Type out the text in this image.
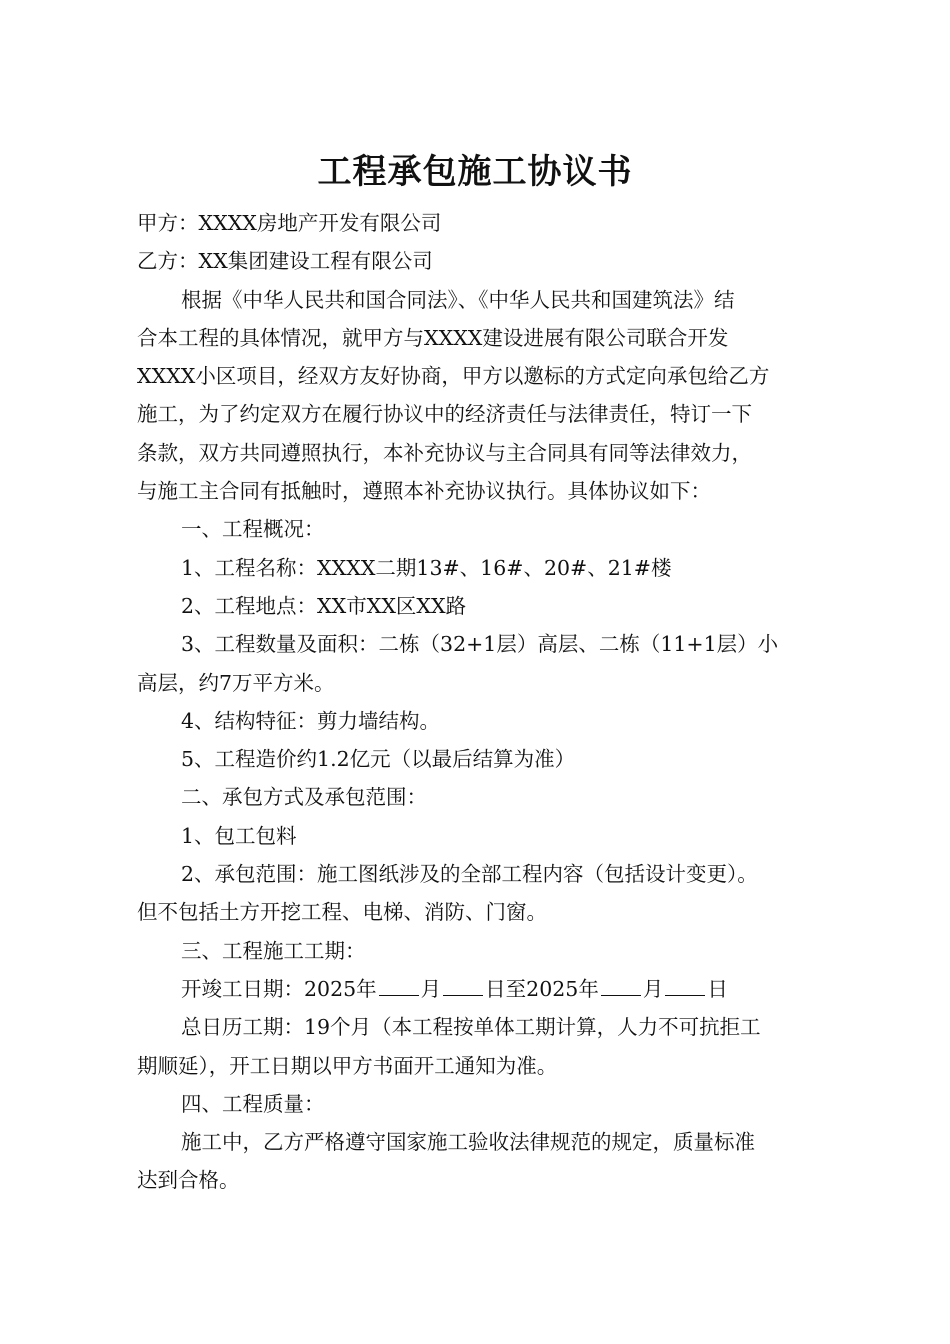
工程承包施工协议书
甲方：XXXX房地产开发有限公司
乙方：XX集团建设工程有限公司
根据《中华人民共和国合同法》、《中华人民共和国建筑法》结
合本工程的具体情况，就甲方与XXXX建设进展有限公司联合开发
XXXX小区项目，经双方友好协商，甲方以邀标的方式定向承包给乙方
施工，为了约定双方在履行协议中的经济责任与法律责任，特订一下
条款，双方共同遵照执行，本补充协议与主合同具有同等法律效力，
与施工主合同有抵触时，遵照本补充协议执行。具体协议如下：
一、工程概况：
1、工程名称：XXXX二期13#、16#、20#、21#楼
2、工程地点：XX市XX区XX路
3、工程数量及面积：二栋（32+1层）高层、二栋（11+1层）小
高层，约7万平方米。
4、结构特征：剪力墙结构。
5、工程造价约1.2亿元（以最后结算为准）
二、承包方式及承包范围：
1、包工包料
2、承包范围：施工图纸涉及的全部工程内容（包括设计变更）。
但不包括土方开挖工程、电梯、消防、门窗。
三、工程施工工期：
开竣工日期：2025年 月 日至2025年 月 日
总日历工期：19个月（本工程按单体工期计算，人力不可抗拒工
期顺延），开工日期以甲方书面开工通知为准。
四、工程质量：
施工中，乙方严格遵守国家施工验收法律规范的规定，质量标准
达到合格。
